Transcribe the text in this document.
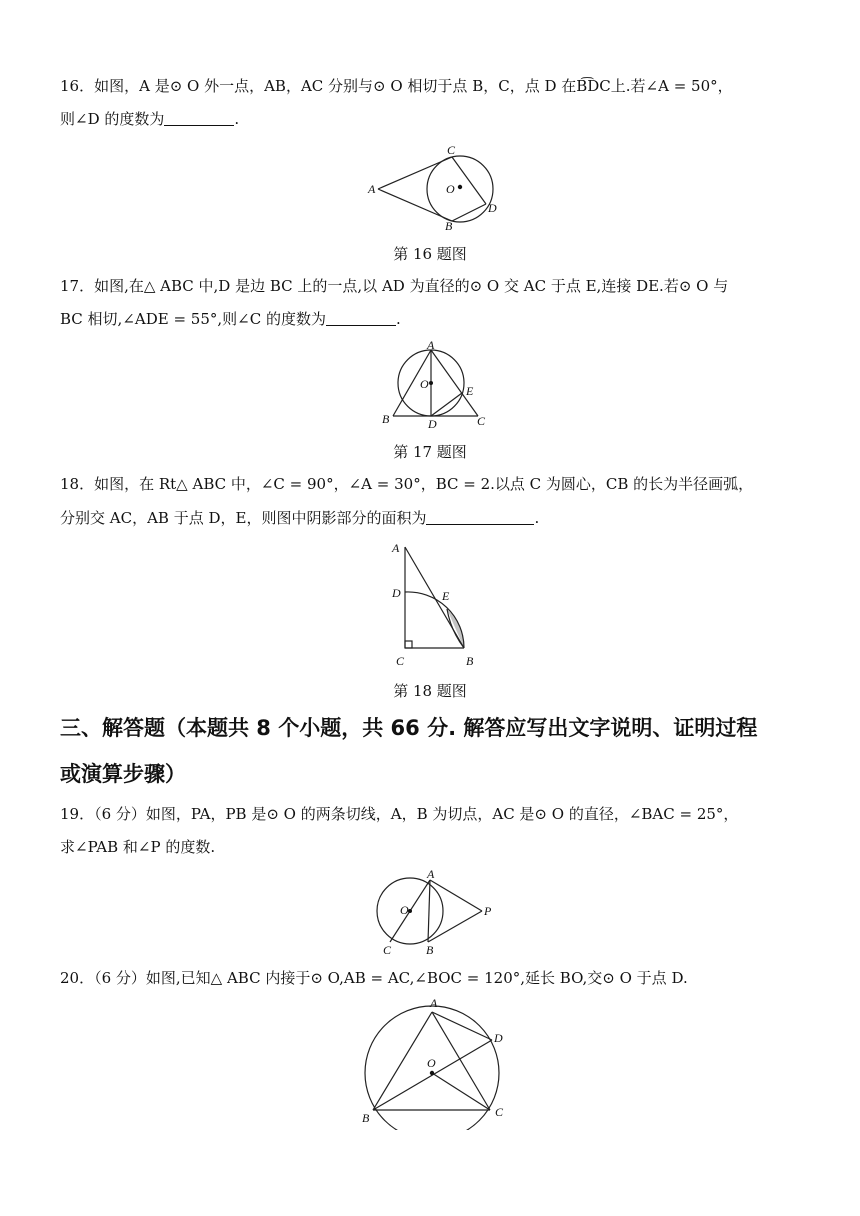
16．如图，A 是⊙ O 外一点，AB，AC 分别与⊙ O 相切于点 B，C，点 D 在B͡DC上.若∠A = 50°，

则∠D 的度数为	.

A
C
O
D
B

第 16 题图

17．如图,在△ ABC 中,D 是边 BC 上的一点,以 AD 为直径的⊙ O 交 AC 于点 E,连接 DE.若⊙ O 与

BC 相切,∠ADE = 55°,则∠C 的度数为	.

A
O	E
B	D	C

第 17 题图

18．如图，在 Rt△ ABC 中，∠C = 90°，∠A = 30°，BC = 2.以点 C 为圆心，CB 的长为半径画弧，

分别交 AC，AB 于点 D，E，则图中阴影部分的面积为	.

A
D	E
C	B

第 18 题图

三、解答题（本题共 8 个小题，共 66 分. 解答应写出文字说明、证明过程

或演算步骤）

19．（6 分）如图，PA，PB 是⊙ O 的两条切线，A，B 为切点，AC 是⊙ O 的直径，∠BAC = 25°，

求∠PAB 和∠P 的度数.

A
O	P
C	B

20．（6 分）如图,已知△ ABC 内接于⊙ O,AB = AC,∠BOC = 120°,延长 BO,交⊙ O 于点 D.

A
D
O
B	C
